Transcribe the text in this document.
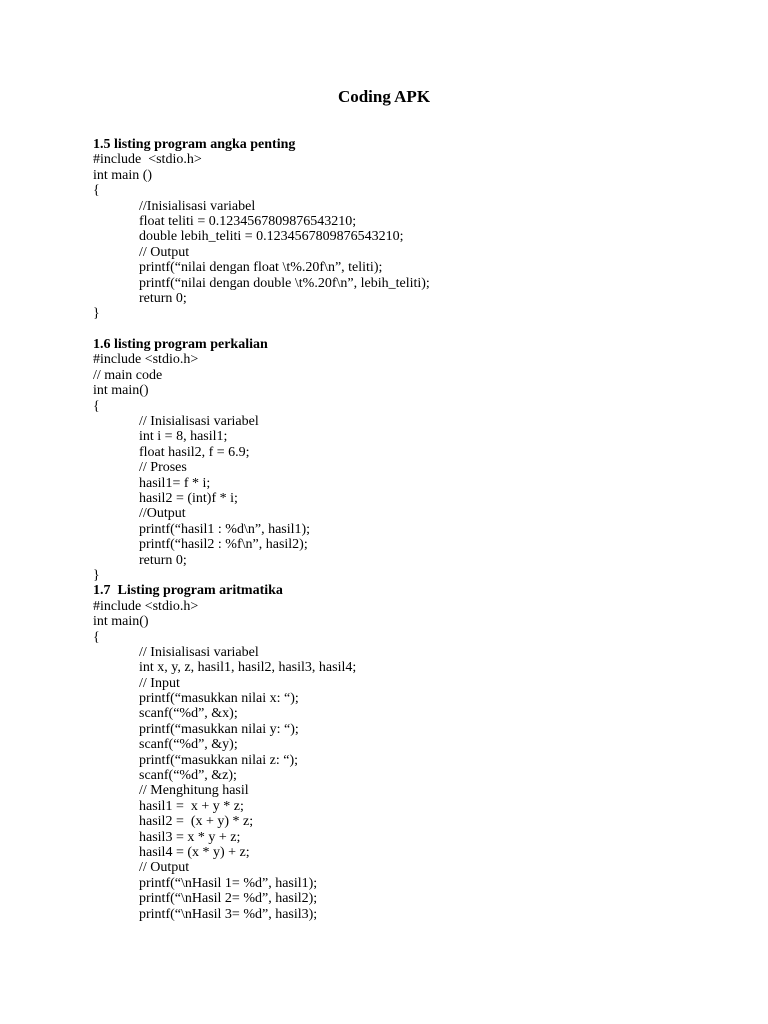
Coding APK
1.5 listing program angka penting
#include  <stdio.h>
int main ()
{
//Inisialisasi variabel
float teliti = 0.1234567809876543210;
double lebih_teliti = 0.1234567809876543210;
// Output
printf(“nilai dengan float \t%.20f\n”, teliti);
printf(“nilai dengan double \t%.20f\n”, lebih_teliti);
return 0;
}
1.6 listing program perkalian
#include <stdio.h>
// main code
int main()
{
// Inisialisasi variabel
int i = 8, hasil1;
float hasil2, f = 6.9;
// Proses
hasil1= f * i;
hasil2 = (int)f * i;
//Output
printf(“hasil1 : %d\n”, hasil1);
printf(“hasil2 : %f\n”, hasil2);
return 0;
}
1.7  Listing program aritmatika
#include <stdio.h>
int main()
{
// Inisialisasi variabel
int x, y, z, hasil1, hasil2, hasil3, hasil4;
// Input
printf(“masukkan nilai x: “);
scanf(“%d”, &x);
printf(“masukkan nilai y: “);
scanf(“%d”, &y);
printf(“masukkan nilai z: “);
scanf(“%d”, &z);
// Menghitung hasil
hasil1 =  x + y * z;
hasil2 =  (x + y) * z;
hasil3 = x * y + z;
hasil4 = (x * y) + z;
// Output
printf(“\nHasil 1= %d”, hasil1);
printf(“\nHasil 2= %d”, hasil2);
printf(“\nHasil 3= %d”, hasil3);
